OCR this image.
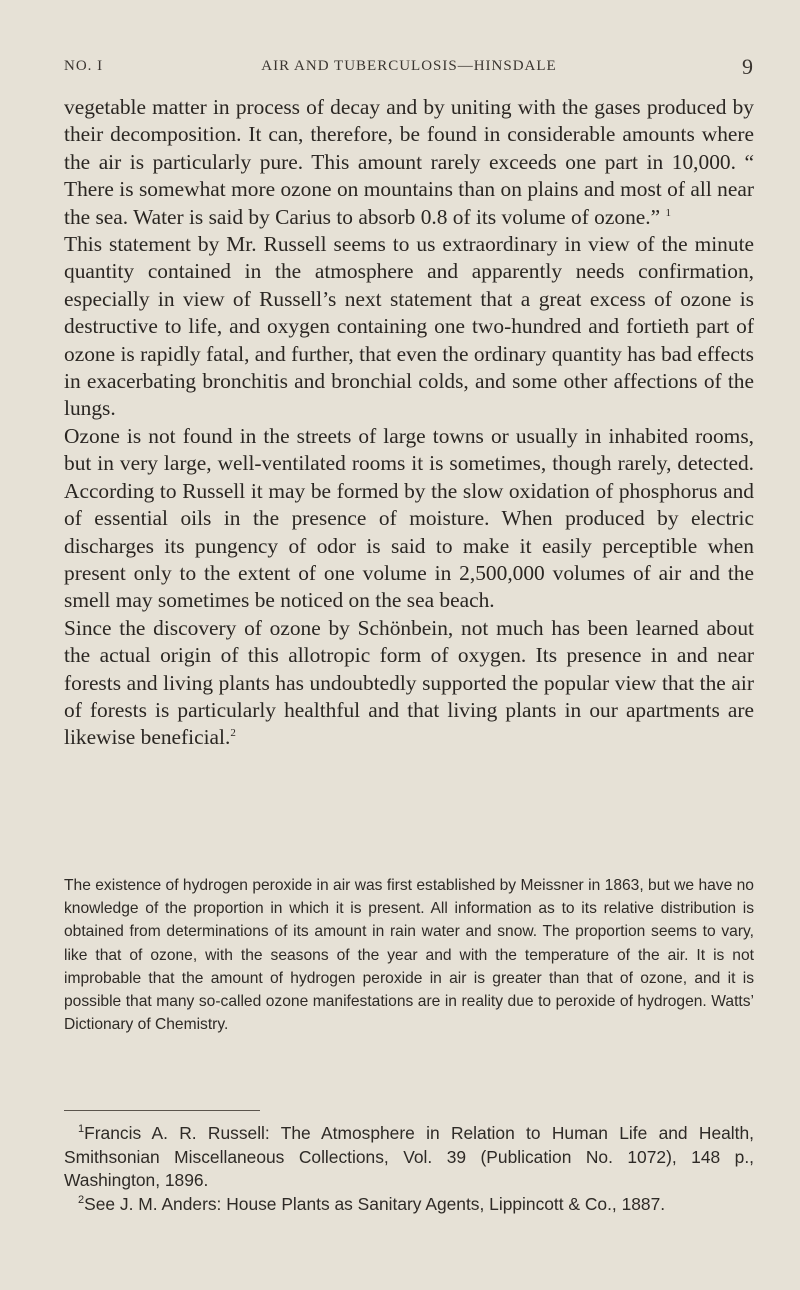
NO. I	AIR AND TUBERCULOSIS—HINSDALE	9

vegetable matter in process of decay and by uniting with the gases produced by their decomposition. It can, therefore, be found in considerable amounts where the air is particularly pure. This amount rarely exceeds one part in 10,000. “ There is somewhat more ozone on mountains than on plains and most of all near the sea. Water is said by Carius to absorb 0.8 of its volume of ozone.” $^1$

This statement by Mr. Russell seems to us extraordinary in view of the minute quantity contained in the atmosphere and apparently needs confirmation, especially in view of Russell’s next statement that a great excess of ozone is destructive to life, and oxygen containing one two-hundred and fortieth part of ozone is rapidly fatal, and further, that even the ordinary quantity has bad effects in exacerbating bronchitis and bronchial colds, and some other affections of the lungs.

Ozone is not found in the streets of large towns or usually in inhabited rooms, but in very large, well-ventilated rooms it is sometimes, though rarely, detected. According to Russell it may be formed by the slow oxidation of phosphorus and of essential oils in the presence of moisture. When produced by electric discharges its pungency of odor is said to make it easily perceptible when present only to the extent of one volume in 2,500,000 volumes of air and the smell may sometimes be noticed on the sea beach.

Since the discovery of ozone by Schönbein, not much has been learned about the actual origin of this allotropic form of oxygen. Its presence in and near forests and living plants has undoubtedly supported the popular view that the air of forests is particularly healthful and that living plants in our apartments are likewise beneficial.$^2$

The existence of hydrogen peroxide in air was first established by Meissner in 1863, but we have no knowledge of the proportion in which it is present. All information as to its relative distribution is obtained from determinations of its amount in rain water and snow. The proportion seems to vary, like that of ozone, with the seasons of the year and with the temperature of the air. It is not improbable that the amount of hydrogen peroxide in air is greater than that of ozone, and it is possible that many so-called ozone manifestations are in reality due to peroxide of hydrogen. Watts’ Dictionary of Chemistry.

$^1$Francis A. R. Russell: The Atmosphere in Relation to Human Life and Health, Smithsonian Miscellaneous Collections, Vol. 39 (Publication No. 1072), 148 p., Washington, 1896.

$^2$See J. M. Anders: House Plants as Sanitary Agents, Lippincott & Co., 1887.
